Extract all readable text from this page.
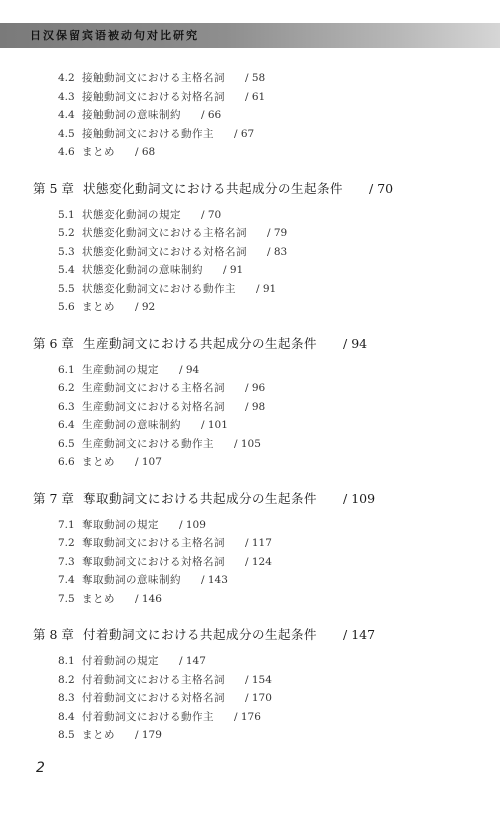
日汉保留宾语被动句对比研究
4.2 接触動詞文における主格名詞 / 58
4.3 接触動詞文における対格名詞 / 61
4.4 接触動詞の意味制約 / 66
4.5 接触動詞文における動作主 / 67
4.6 まとめ / 68
第 5 章 状態変化動詞文における共起成分の生起条件 / 70
5.1 状態変化動詞の規定 / 70
5.2 状態変化動詞文における主格名詞 / 79
5.3 状態変化動詞文における対格名詞 / 83
5.4 状態変化動詞の意味制約 / 91
5.5 状態変化動詞文における動作主 / 91
5.6 まとめ / 92
第 6 章 生産動詞文における共起成分の生起条件 / 94
6.1 生産動詞の規定 / 94
6.2 生産動詞文における主格名詞 / 96
6.3 生産動詞文における対格名詞 / 98
6.4 生産動詞の意味制約 / 101
6.5 生産動詞文における動作主 / 105
6.6 まとめ / 107
第 7 章 奪取動詞文における共起成分の生起条件 / 109
7.1 奪取動詞の規定 / 109
7.2 奪取動詞文における主格名詞 / 117
7.3 奪取動詞文における対格名詞 / 124
7.4 奪取動詞の意味制約 / 143
7.5 まとめ / 146
第 8 章 付着動詞文における共起成分の生起条件 / 147
8.1 付着動詞の規定 / 147
8.2 付着動詞文における主格名詞 / 154
8.3 付着動詞文における対格名詞 / 170
8.4 付着動詞文における動作主 / 176
8.5 まとめ / 179
2
